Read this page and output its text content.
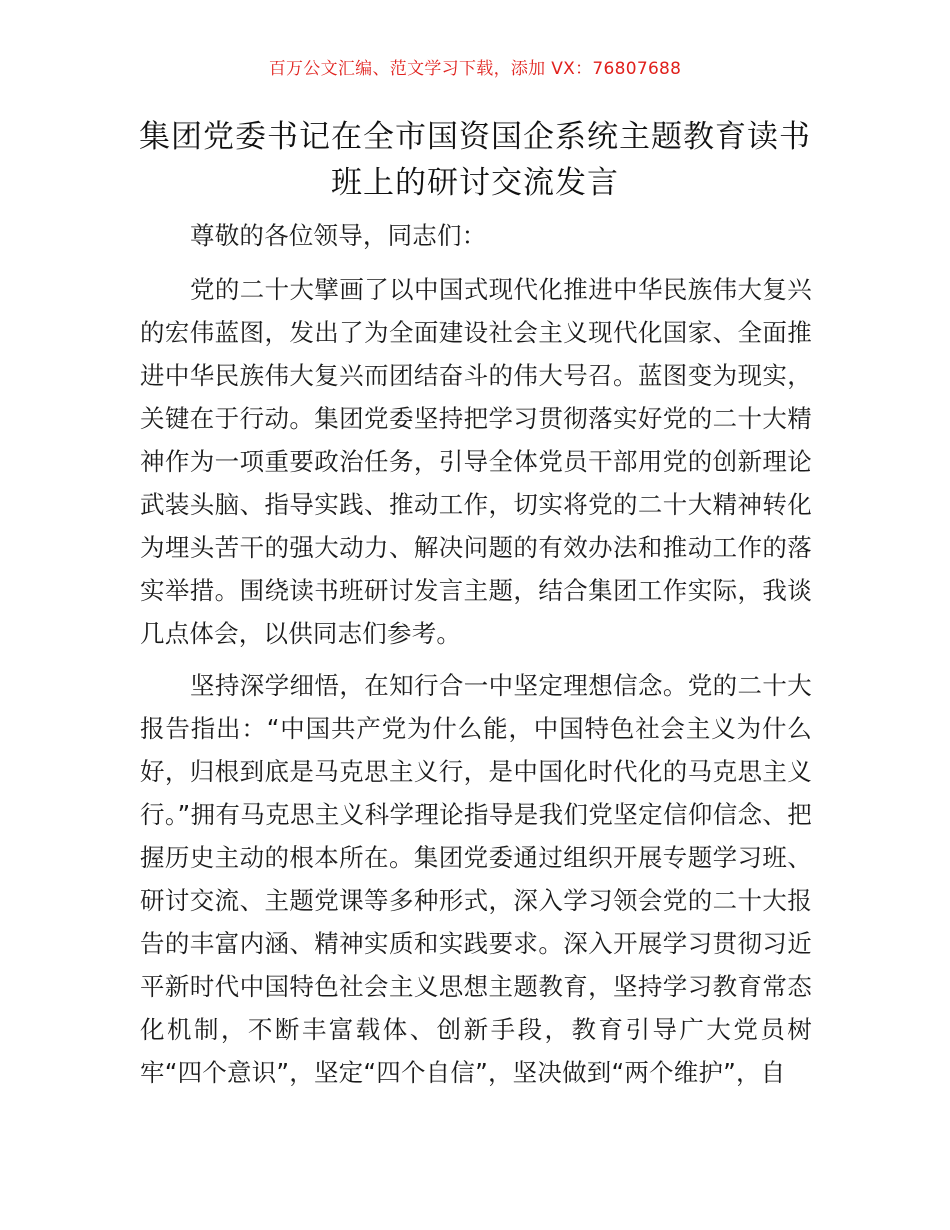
百万公文汇编、范文学习下载，添加 VX：76807688
集团党委书记在全市国资国企系统主题教育读书班上的研讨交流发言
尊敬的各位领导，同志们：
党的二十大擘画了以中国式现代化推进中华民族伟大复兴的宏伟蓝图，发出了为全面建设社会主义现代化国家、全面推进中华民族伟大复兴而团结奋斗的伟大号召。蓝图变为现实，关键在于行动。集团党委坚持把学习贯彻落实好党的二十大精神作为一项重要政治任务，引导全体党员干部用党的创新理论武装头脑、指导实践、推动工作，切实将党的二十大精神转化为埋头苦干的强大动力、解决问题的有效办法和推动工作的落实举措。围绕读书班研讨发言主题，结合集团工作实际，我谈几点体会，以供同志们参考。
坚持深学细悟，在知行合一中坚定理想信念。党的二十大报告指出：“中国共产党为什么能，中国特色社会主义为什么好，归根到底是马克思主义行，是中国化时代化的马克思主义行。”拥有马克思主义科学理论指导是我们党坚定信仰信念、把握历史主动的根本所在。集团党委通过组织开展专题学习班、研讨交流、主题党课等多种形式，深入学习领会党的二十大报告的丰富内涵、精神实质和实践要求。深入开展学习贯彻习近平新时代中国特色社会主义思想主题教育，坚持学习教育常态化机制，不断丰富载体、创新手段，教育引导广大党员树牢“四个意识”，坚定“四个自信”，坚决做到“两个维护”，自
